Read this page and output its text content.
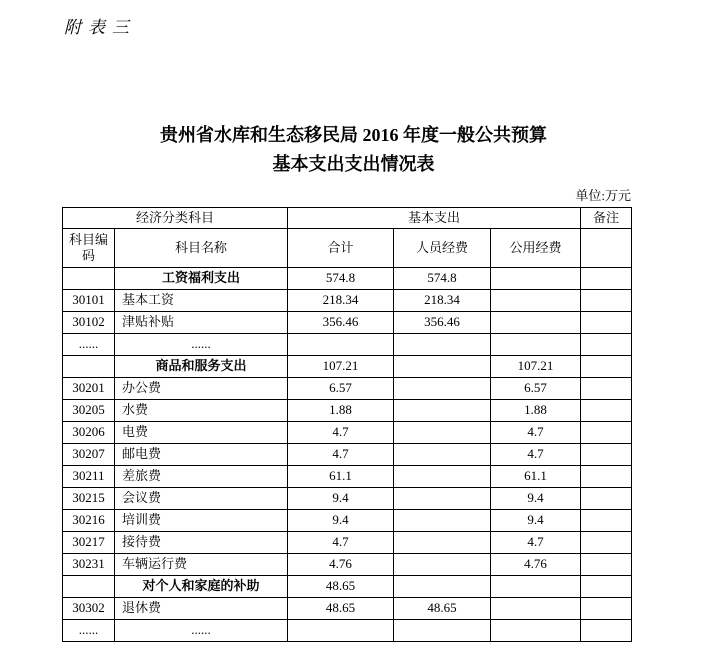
附表三
贵州省水库和生态移民局 2016 年度一般公共预算
基本支出支出情况表
单位:万元
经济分类科目		基本支出			备注
科目编码	科目名称	合计	人员经费	公用经费	
	工资福利支出	574.8	574.8		
30101	基本工资	218.34	218.34		
30102	津贴补贴	356.46	356.46		
......	......				
	商品和服务支出	107.21		107.21	
30201	办公费	6.57		6.57	
30205	水费	1.88		1.88	
30206	电费	4.7		4.7	
30207	邮电费	4.7		4.7	
30211	差旅费	61.1		61.1	
30215	会议费	9.4		9.4	
30216	培训费	9.4		9.4	
30217	接待费	4.7		4.7	
30231	车辆运行费	4.76		4.76	
	对个人和家庭的补助	48.65			
30302	退休费	48.65	48.65		
......	......				
